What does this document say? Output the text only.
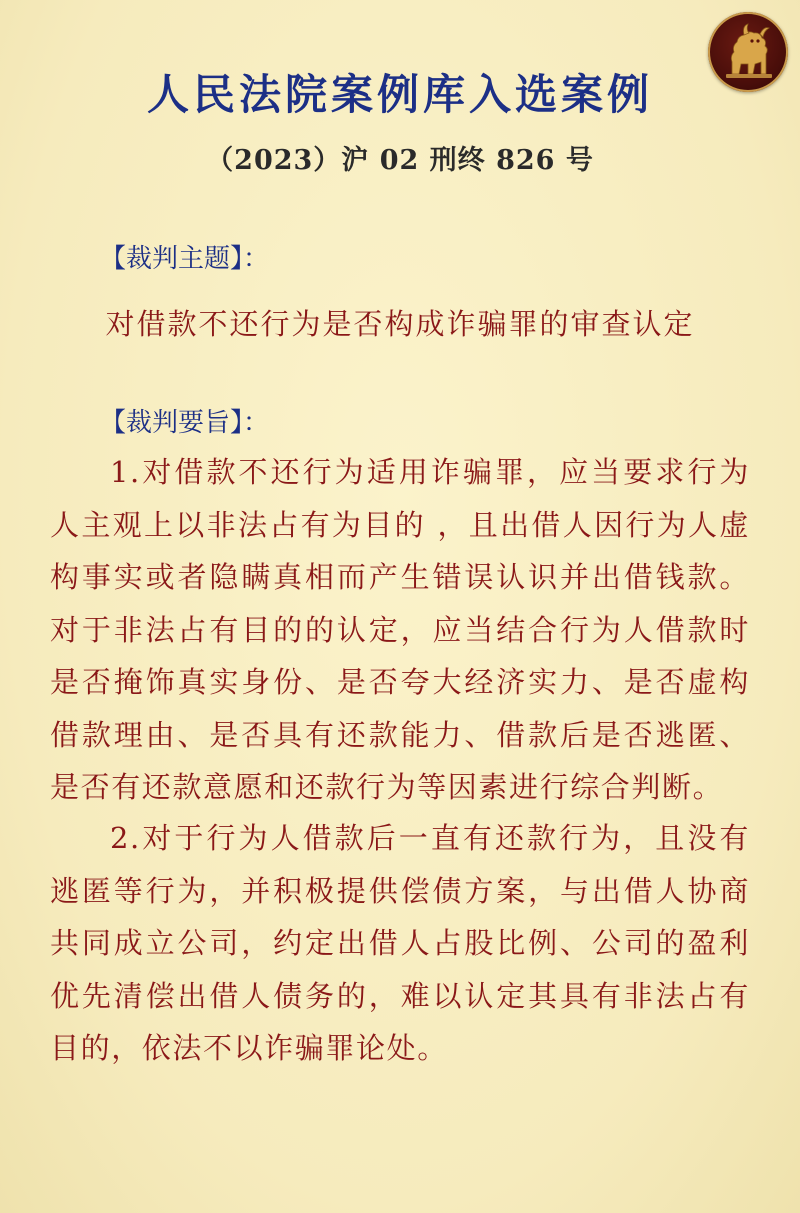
人民法院案例库入选案例
（2023）沪 02 刑终 826 号
【裁判主题】：
对借款不还行为是否构成诈骗罪的审查认定
【裁判要旨】：

1.对借款不还行为适用诈骗罪，应当要求行为人主观上以非法占有为目的 ，且出借人因行为人虚构事实或者隐瞒真相而产生错误认识并出借钱款。对于非法占有目的的认定，应当结合行为人借款时是否掩饰真实身份、是否夸大经济实力、是否虚构借款理由、是否具有还款能力、借款后是否逃匿、是否有还款意愿和还款行为等因素进行综合判断。

2.对于行为人借款后一直有还款行为，且没有逃匿等行为，并积极提供偿债方案，与出借人协商共同成立公司，约定出借人占股比例、公司的盈利优先清偿出借人债务的，难以认定其具有非法占有目的，依法不以诈骗罪论处。
